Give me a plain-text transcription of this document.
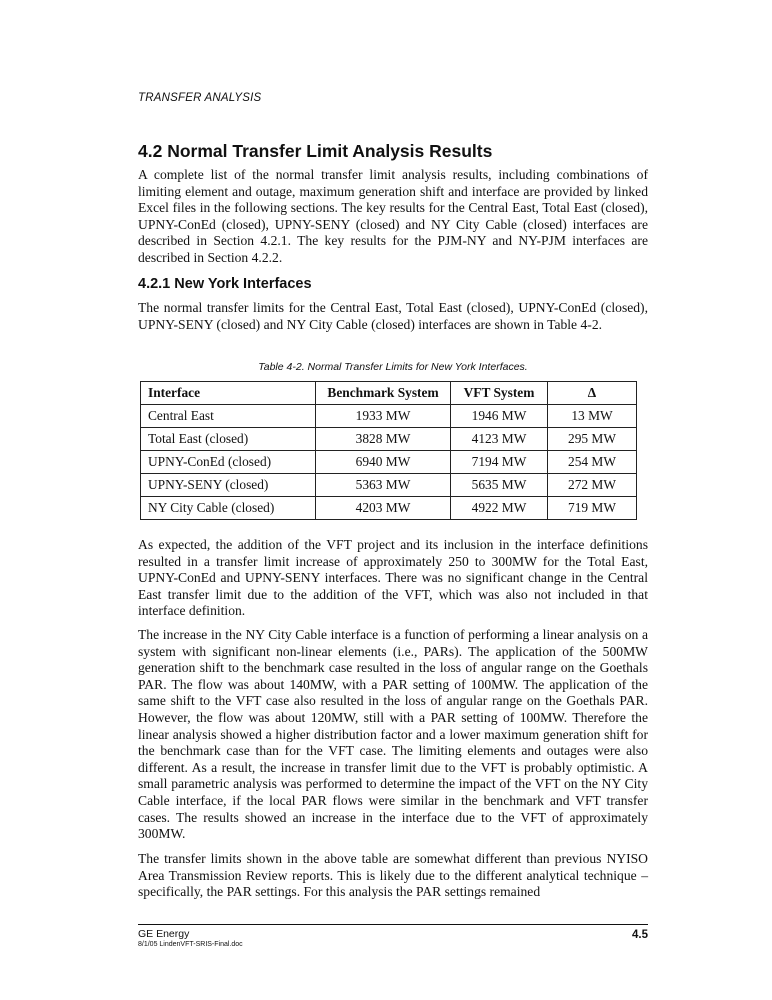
TRANSFER ANALYSIS
4.2 Normal Transfer Limit Analysis Results

A complete list of the normal transfer limit analysis results, including combinations of limiting element and outage, maximum generation shift and interface are provided by linked Excel files in the following sections. The key results for the Central East, Total East (closed), UPNY-ConEd (closed), UPNY-SENY (closed) and NY City Cable (closed) interfaces are described in Section 4.2.1. The key results for the PJM-NY and NY-PJM interfaces are described in Section 4.2.2.

4.2.1 New York Interfaces

The normal transfer limits for the Central East, Total East (closed), UPNY-ConEd (closed), UPNY-SENY (closed) and NY City Cable (closed) interfaces are shown in Table 4-2.

Table 4-2. Normal Transfer Limits for New York Interfaces.
Interface	Benchmark System	VFT System	Δ
Central East	1933 MW	1946 MW	13 MW
Total East (closed)	3828 MW	4123 MW	295 MW
UPNY-ConEd (closed)	6940 MW	7194 MW	254 MW
UPNY-SENY (closed)	5363 MW	5635 MW	272 MW
NY City Cable (closed)	4203 MW	4922 MW	719 MW

As expected, the addition of the VFT project and its inclusion in the interface definitions resulted in a transfer limit increase of approximately 250 to 300MW for the Total East, UPNY-ConEd and UPNY-SENY interfaces. There was no significant change in the Central East transfer limit due to the addition of the VFT, which was also not included in that interface definition.

The increase in the NY City Cable interface is a function of performing a linear analysis on a system with significant non-linear elements (i.e., PARs). The application of the 500MW generation shift to the benchmark case resulted in the loss of angular range on the Goethals PAR. The flow was about 140MW, with a PAR setting of 100MW. The application of the same shift to the VFT case also resulted in the loss of angular range on the Goethals PAR. However, the flow was about 120MW, still with a PAR setting of 100MW. Therefore the linear analysis showed a higher distribution factor and a lower maximum generation shift for the benchmark case than for the VFT case. The limiting elements and outages were also different. As a result, the increase in transfer limit due to the VFT is probably optimistic. A small parametric analysis was performed to determine the impact of the VFT on the NY City Cable interface, if the local PAR flows were similar in the benchmark and VFT transfer cases. The results showed an increase in the interface due to the VFT of approximately 300MW.

The transfer limits shown in the above table are somewhat different than previous NYISO Area Transmission Review reports. This is likely due to the different analytical technique – specifically, the PAR settings. For this analysis the PAR settings remained

GE Energy
8/1/05 LindenVFT-SRIS-Final.doc
4.5
